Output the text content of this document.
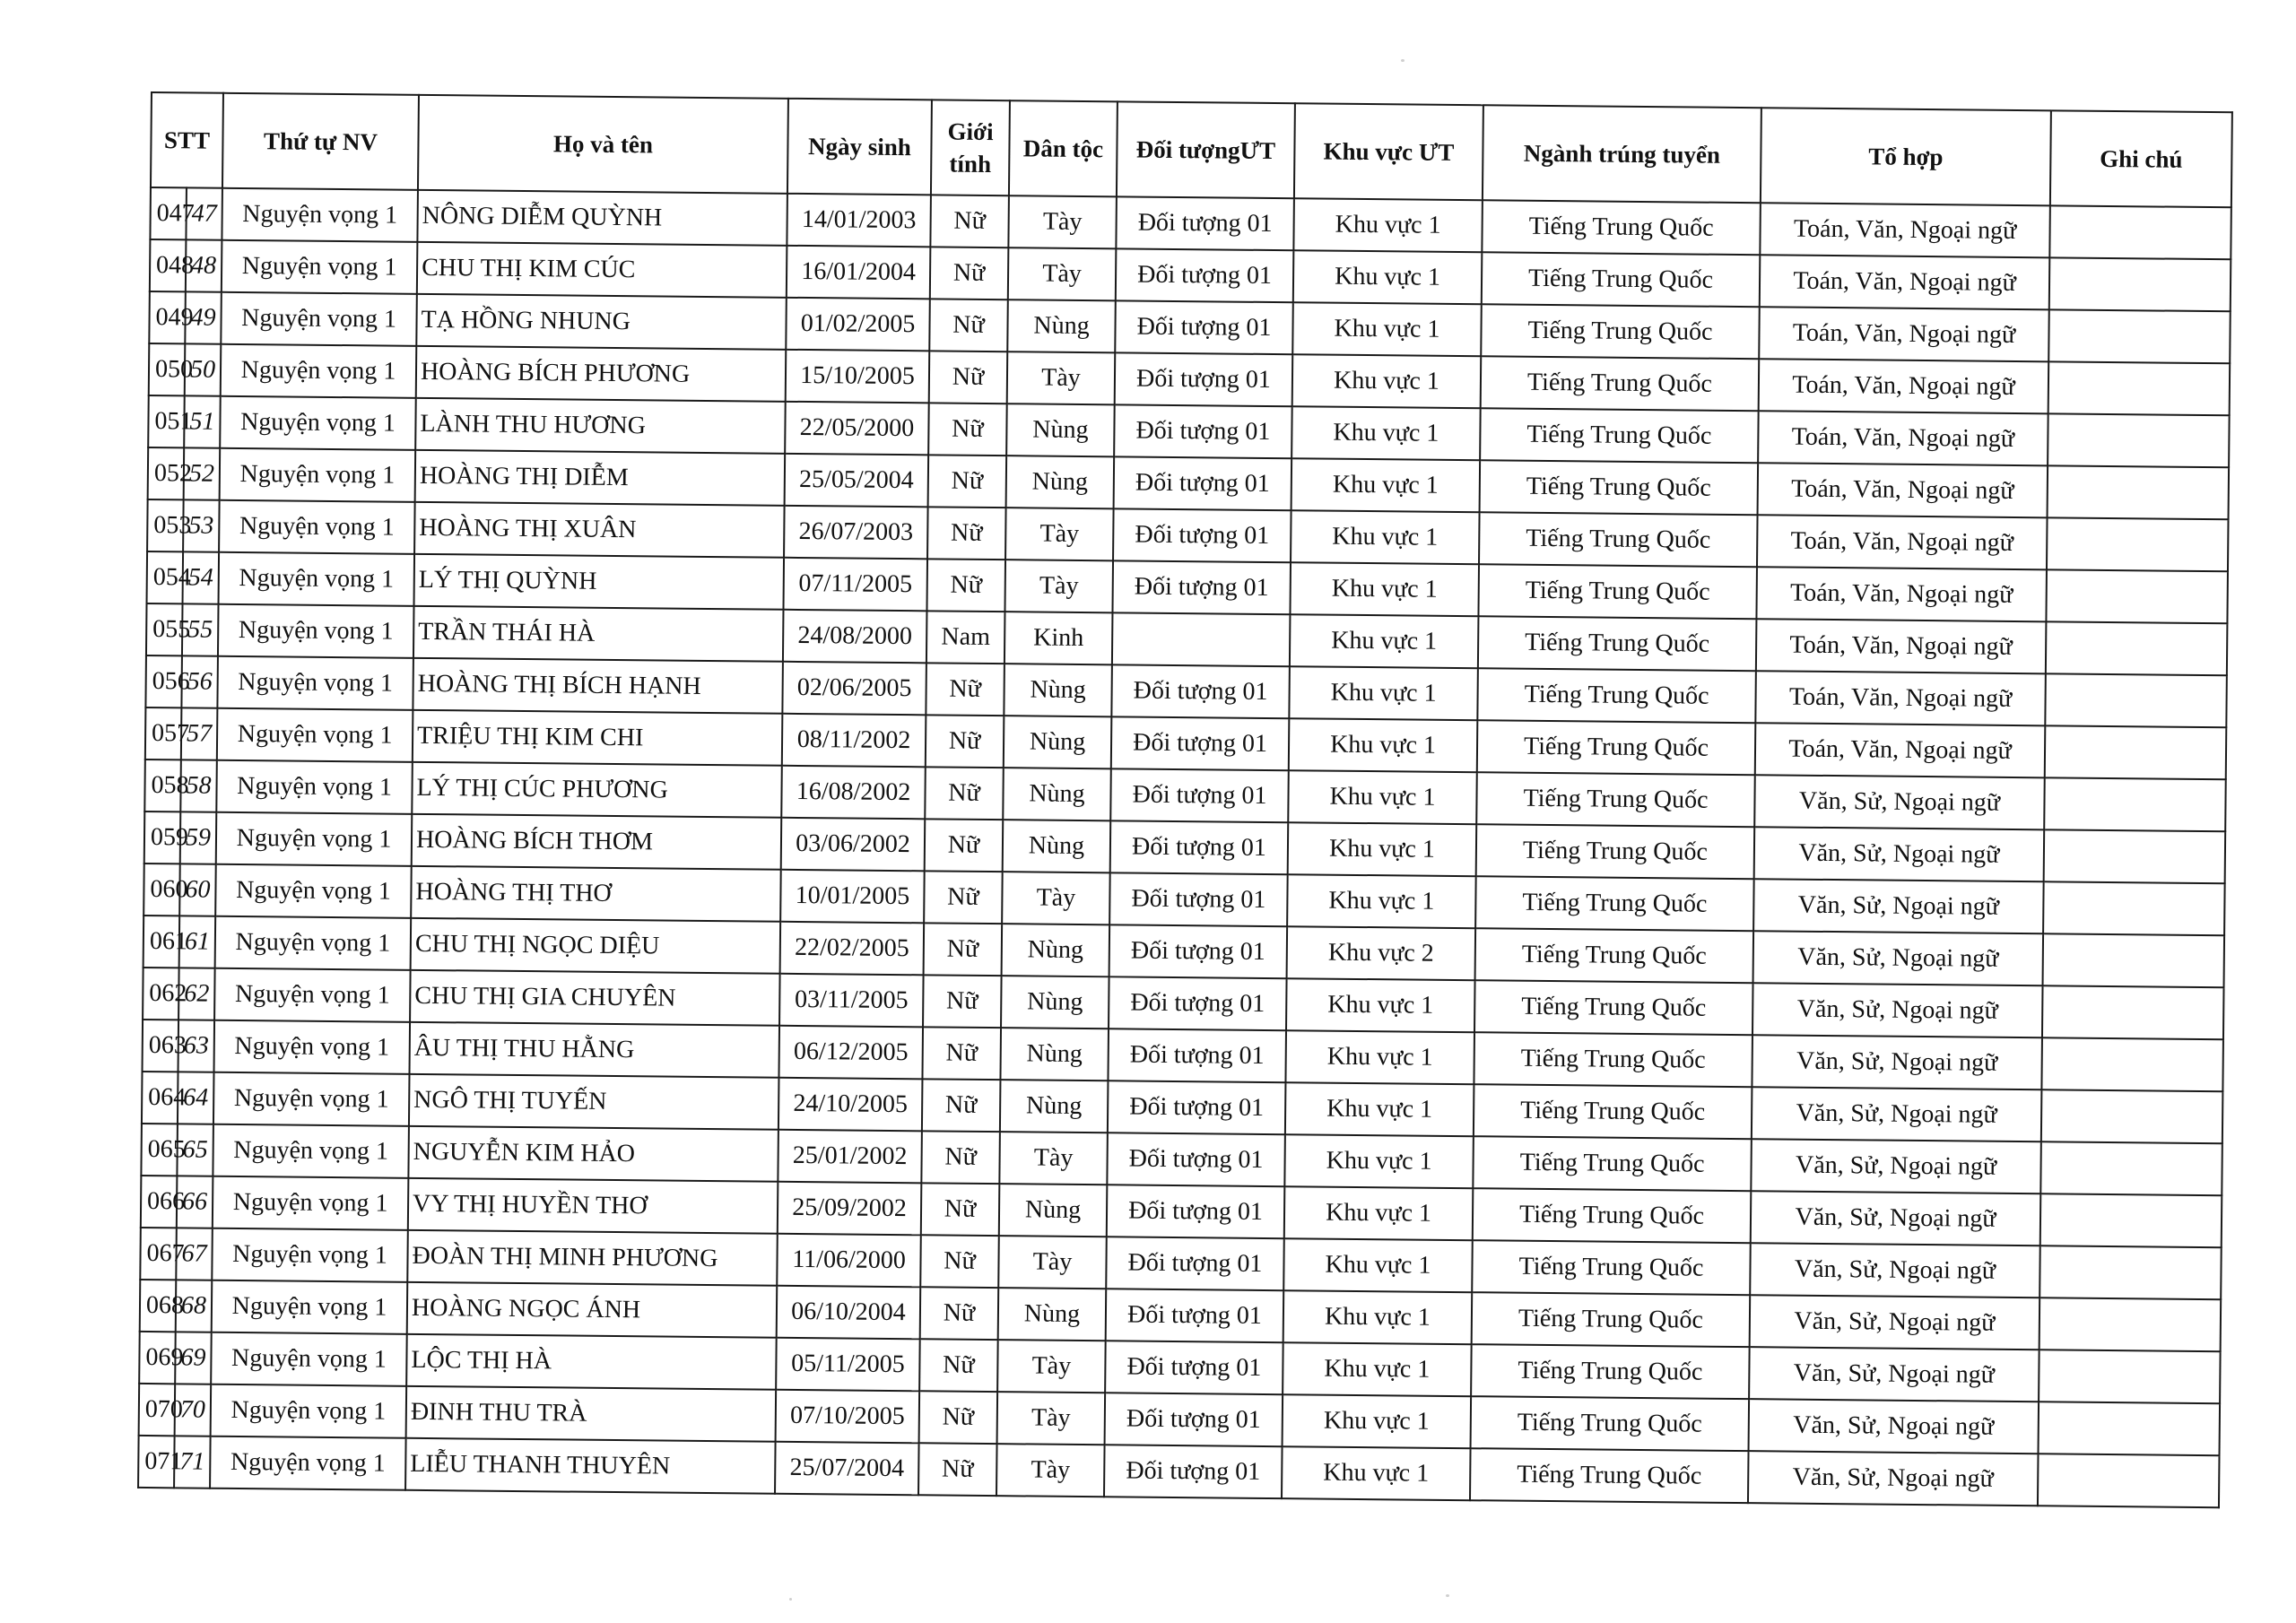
STT		Thứ tự NV	Họ và tên	Ngày sinh	Giới tính	Dân tộc	Đối tượngƯT	Khu vực ƯT	Ngành trúng tuyển	Tổ hợp	Ghi chú
047	47	Nguyện vọng 1	NÔNG DIỄM QUỲNH	14/01/2003	Nữ	Tày	Đối tượng 01	Khu vực 1	Tiếng Trung Quốc	Toán, Văn, Ngoại ngữ	
048	48	Nguyện vọng 1	CHU THỊ KIM CÚC	16/01/2004	Nữ	Tày	Đối tượng 01	Khu vực 1	Tiếng Trung Quốc	Toán, Văn, Ngoại ngữ	
049	49	Nguyện vọng 1	TẠ HỒNG NHUNG	01/02/2005	Nữ	Nùng	Đối tượng 01	Khu vực 1	Tiếng Trung Quốc	Toán, Văn, Ngoại ngữ	
050	50	Nguyện vọng 1	HOÀNG BÍCH PHƯƠNG	15/10/2005	Nữ	Tày	Đối tượng 01	Khu vực 1	Tiếng Trung Quốc	Toán, Văn, Ngoại ngữ	
051	51	Nguyện vọng 1	LÀNH THU HƯƠNG	22/05/2000	Nữ	Nùng	Đối tượng 01	Khu vực 1	Tiếng Trung Quốc	Toán, Văn, Ngoại ngữ	
052	52	Nguyện vọng 1	HOÀNG THỊ DIỄM	25/05/2004	Nữ	Nùng	Đối tượng 01	Khu vực 1	Tiếng Trung Quốc	Toán, Văn, Ngoại ngữ	
053	53	Nguyện vọng 1	HOÀNG THỊ XUÂN	26/07/2003	Nữ	Tày	Đối tượng 01	Khu vực 1	Tiếng Trung Quốc	Toán, Văn, Ngoại ngữ	
054	54	Nguyện vọng 1	LÝ THỊ QUỲNH	07/11/2005	Nữ	Tày	Đối tượng 01	Khu vực 1	Tiếng Trung Quốc	Toán, Văn, Ngoại ngữ	
055	55	Nguyện vọng 1	TRẦN THÁI HÀ	24/08/2000	Nam	Kinh		Khu vực 1	Tiếng Trung Quốc	Toán, Văn, Ngoại ngữ	
056	56	Nguyện vọng 1	HOÀNG THỊ BÍCH HẠNH	02/06/2005	Nữ	Nùng	Đối tượng 01	Khu vực 1	Tiếng Trung Quốc	Toán, Văn, Ngoại ngữ	
057	57	Nguyện vọng 1	TRIỆU THỊ KIM CHI	08/11/2002	Nữ	Nùng	Đối tượng 01	Khu vực 1	Tiếng Trung Quốc	Toán, Văn, Ngoại ngữ	
058	58	Nguyện vọng 1	LÝ THỊ CÚC PHƯƠNG	16/08/2002	Nữ	Nùng	Đối tượng 01	Khu vực 1	Tiếng Trung Quốc	Văn, Sử, Ngoại ngữ	
059	59	Nguyện vọng 1	HOÀNG BÍCH THƠM	03/06/2002	Nữ	Nùng	Đối tượng 01	Khu vực 1	Tiếng Trung Quốc	Văn, Sử, Ngoại ngữ	
060	60	Nguyện vọng 1	HOÀNG THỊ THƠ	10/01/2005	Nữ	Tày	Đối tượng 01	Khu vực 1	Tiếng Trung Quốc	Văn, Sử, Ngoại ngữ	
061	61	Nguyện vọng 1	CHU THỊ NGỌC DIỆU	22/02/2005	Nữ	Nùng	Đối tượng 01	Khu vực 2	Tiếng Trung Quốc	Văn, Sử, Ngoại ngữ	
062	62	Nguyện vọng 1	CHU THỊ GIA CHUYÊN	03/11/2005	Nữ	Nùng	Đối tượng 01	Khu vực 1	Tiếng Trung Quốc	Văn, Sử, Ngoại ngữ	
063	63	Nguyện vọng 1	ÂU THỊ THU HẰNG	06/12/2005	Nữ	Nùng	Đối tượng 01	Khu vực 1	Tiếng Trung Quốc	Văn, Sử, Ngoại ngữ	
064	64	Nguyện vọng 1	NGÔ THỊ TUYẾN	24/10/2005	Nữ	Nùng	Đối tượng 01	Khu vực 1	Tiếng Trung Quốc	Văn, Sử, Ngoại ngữ	
065	65	Nguyện vọng 1	NGUYỄN KIM HẢO	25/01/2002	Nữ	Tày	Đối tượng 01	Khu vực 1	Tiếng Trung Quốc	Văn, Sử, Ngoại ngữ	
066	66	Nguyện vọng 1	VY THỊ HUYỀN THƠ	25/09/2002	Nữ	Nùng	Đối tượng 01	Khu vực 1	Tiếng Trung Quốc	Văn, Sử, Ngoại ngữ	
067	67	Nguyện vọng 1	ĐOÀN THỊ MINH PHƯƠNG	11/06/2000	Nữ	Tày	Đối tượng 01	Khu vực 1	Tiếng Trung Quốc	Văn, Sử, Ngoại ngữ	
068	68	Nguyện vọng 1	HOÀNG NGỌC ÁNH	06/10/2004	Nữ	Nùng	Đối tượng 01	Khu vực 1	Tiếng Trung Quốc	Văn, Sử, Ngoại ngữ	
069	69	Nguyện vọng 1	LỘC THỊ HÀ	05/11/2005	Nữ	Tày	Đối tượng 01	Khu vực 1	Tiếng Trung Quốc	Văn, Sử, Ngoại ngữ	
070	70	Nguyện vọng 1	ĐINH THU TRÀ	07/10/2005	Nữ	Tày	Đối tượng 01	Khu vực 1	Tiếng Trung Quốc	Văn, Sử, Ngoại ngữ	
071	71	Nguyện vọng 1	LIỄU THANH THUYÊN	25/07/2004	Nữ	Tày	Đối tượng 01	Khu vực 1	Tiếng Trung Quốc	Văn, Sử, Ngoại ngữ	
